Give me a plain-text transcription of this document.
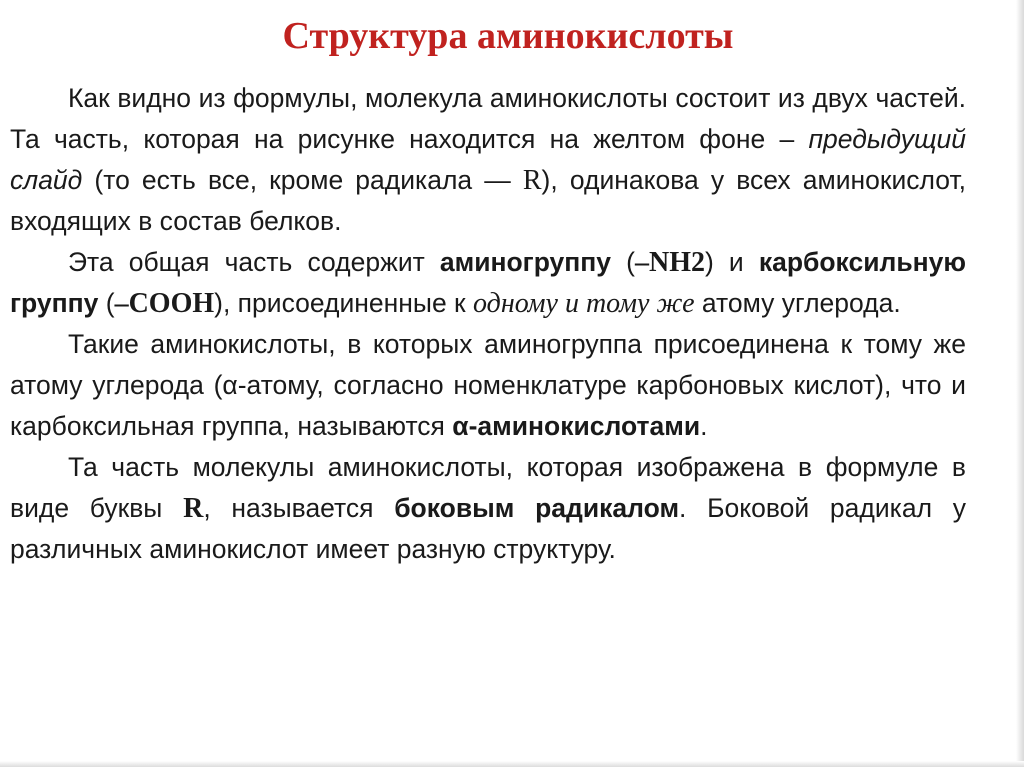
Структура аминокислоты

Как видно из формулы, молекула аминокислоты состоит из двух частей. Та часть, которая на рисунке находится на желтом фоне – предыдущий слайд (то есть все, кроме радикала — R), одинакова у всех аминокислот, входящих в состав белков.

Эта общая часть содержит аминогруппу (–NH2) и карбоксильную группу (–COOH), присоединенные к одному и тому же атому углерода.

Такие аминокислоты, в которых аминогруппа присоединена к тому же атому углерода (α-атому, согласно номенклатуре карбоновых кислот), что и карбоксильная группа, называются α-аминокислотами.

Та часть молекулы аминокислоты, которая изображена в формуле в виде буквы R, называется боковым радикалом. Боковой радикал у различных аминокислот имеет разную структуру.
